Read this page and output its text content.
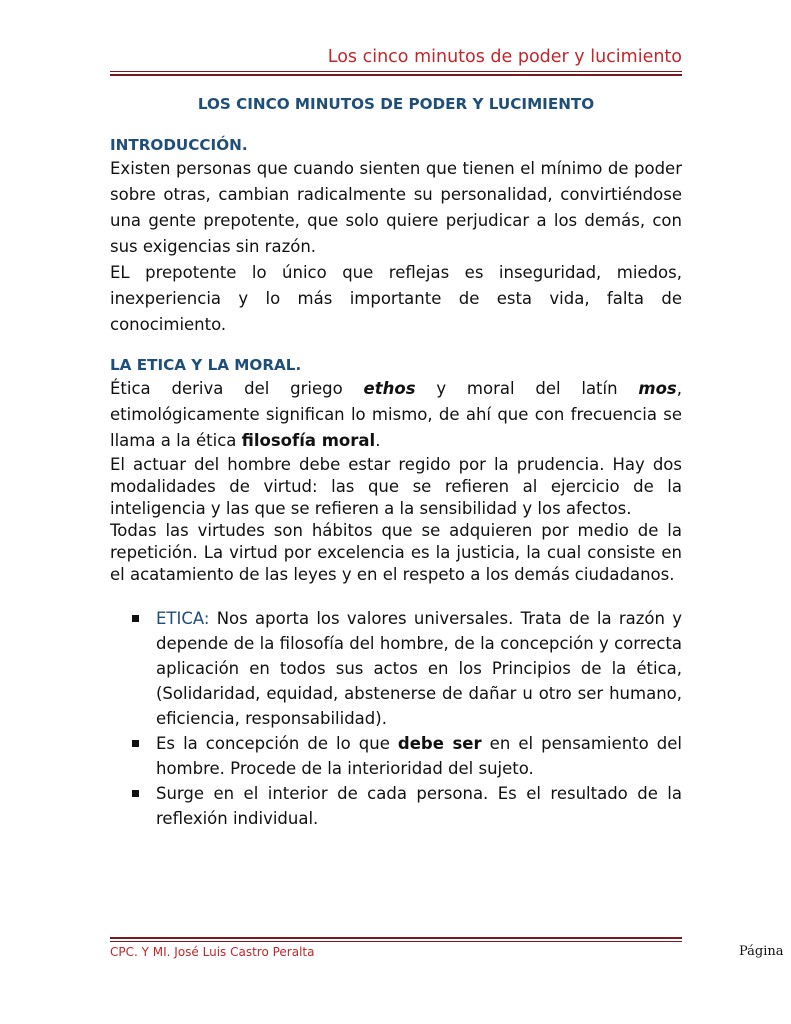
Los cinco minutos de poder y lucimiento
LOS CINCO MINUTOS DE PODER Y LUCIMIENTO
INTRODUCCIÓN.

Existen personas que cuando sienten que tienen el mínimo de poder sobre otras, cambian radicalmente su personalidad, convirtiéndose una gente prepotente, que solo quiere perjudicar a los demás, con sus exigencias sin razón.

EL prepotente lo único que reflejas es inseguridad, miedos, inexperiencia y lo más importante de esta vida, falta de conocimiento.

LA ETICA Y LA MORAL.

Ética deriva del griego ethos y moral del latín mos, etimológicamente significan lo mismo, de ahí que con frecuencia se llama a la ética filosofía moral.

El actuar del hombre debe estar regido por la prudencia. Hay dos modalidades de virtud: las que se refieren al ejercicio de la inteligencia y las que se refieren a la sensibilidad y los afectos.

Todas las virtudes son hábitos que se adquieren por medio de la repetición. La virtud por excelencia es la justicia, la cual consiste en el acatamiento de las leyes y en el respeto a los demás ciudadanos.

ETICA: Nos aporta los valores universales. Trata de la razón y depende de la filosofía del hombre, de la concepción y correcta aplicación en todos sus actos en los Principios de la ética, (Solidaridad, equidad, abstenerse de dañar u otro ser humano, eficiencia, responsabilidad).
Es la concepción de lo que debe ser en el pensamiento del hombre. Procede de la interioridad del sujeto.
Surge en el interior de cada persona. Es el resultado de la reflexión individual.
CPC. Y MI. José Luis Castro Peralta	Página
